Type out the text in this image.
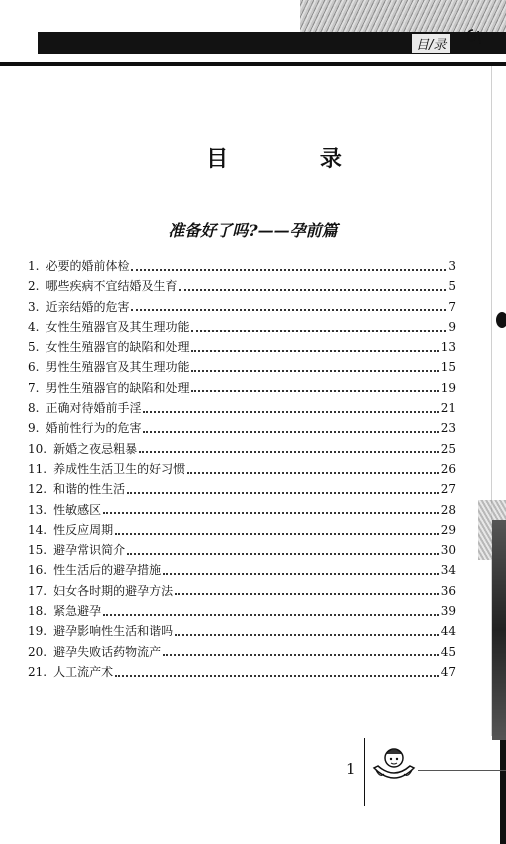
目/录
目 录
准备好了吗?——孕前篇
1. 必要的婚前体检	3
2. 哪些疾病不宜结婚及生育	5
3. 近亲结婚的危害	7
4. 女性生殖器官及其生理功能	9
5. 女性生殖器官的缺陷和处理	13
6. 男性生殖器官及其生理功能	15
7. 男性生殖器官的缺陷和处理	19
8. 正确对待婚前手淫	21
9. 婚前性行为的危害	23
10. 新婚之夜忌粗暴	25
11. 养成性生活卫生的好习惯	26
12. 和谐的性生活	27
13. 性敏感区	28
14. 性反应周期	29
15. 避孕常识简介	30
16. 性生活后的避孕措施	34
17. 妇女各时期的避孕方法	36
18. 紧急避孕	39
19. 避孕影响性生活和谐吗	44
20. 避孕失败话药物流产	45
21. 人工流产术	47
1
